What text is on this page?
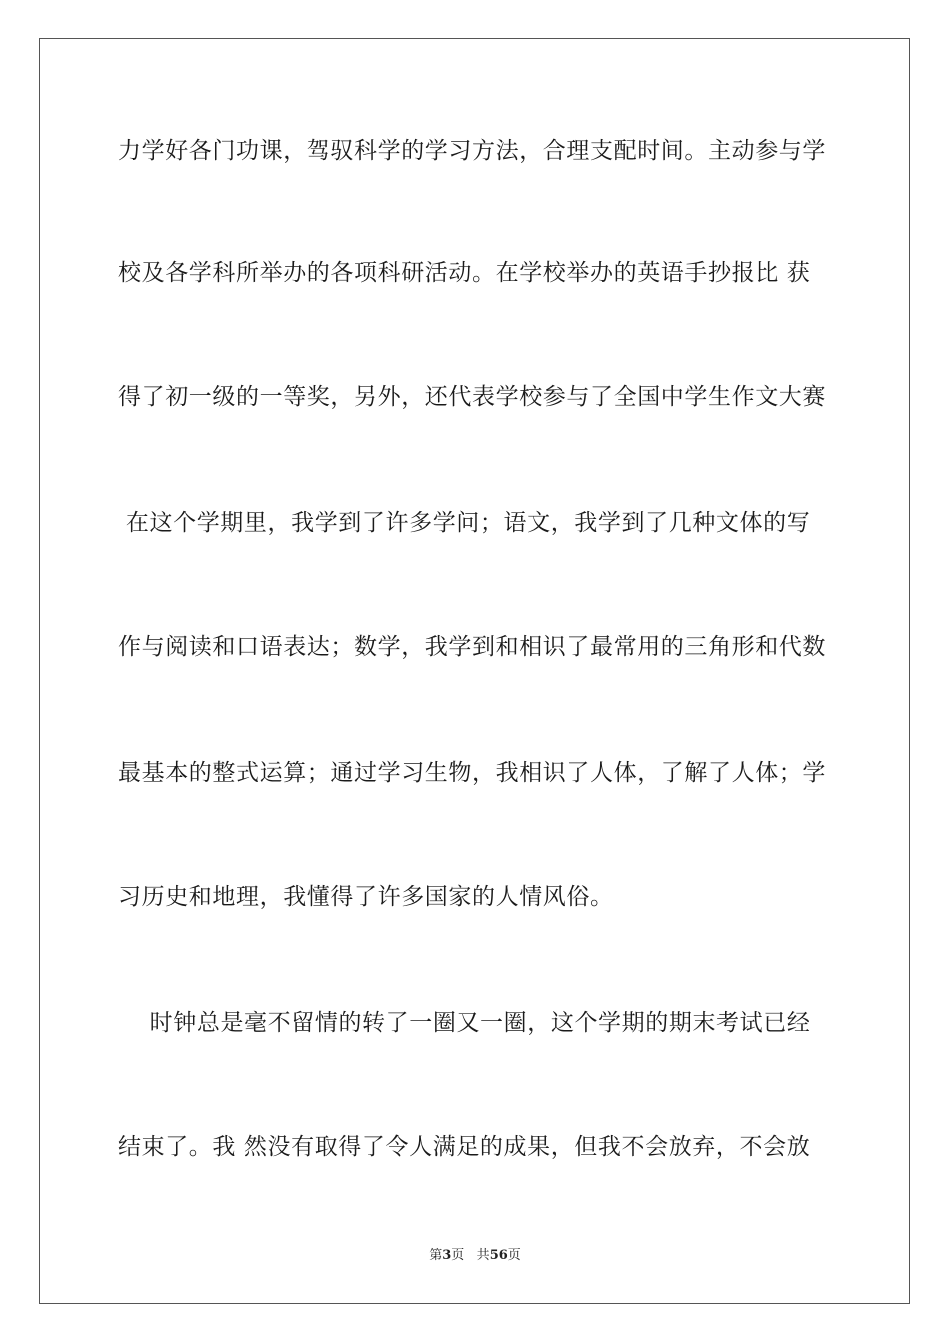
力学好各门功课，驾驭科学的学习方法，合理支配时间。主动参与学
校及各学科所举办的各项科研活动。在学校举办的英语手抄报比 获
得了初一级的一等奖，另外，还代表学校参与了全国中学生作文大赛
在这个学期里，我学到了许多学问；语文，我学到了几种文体的写
作与阅读和口语表达；数学，我学到和相识了最常用的三角形和代数
最基本的整式运算；通过学习生物，我相识了人体，了解了人体；学
习历史和地理，我懂得了许多国家的人情风俗。
时钟总是毫不留情的转了一圈又一圈，这个学期的期末考试已经
结束了。我 然没有取得了令人满足的成果，但我不会放弃，不会放
第3页 共56页
